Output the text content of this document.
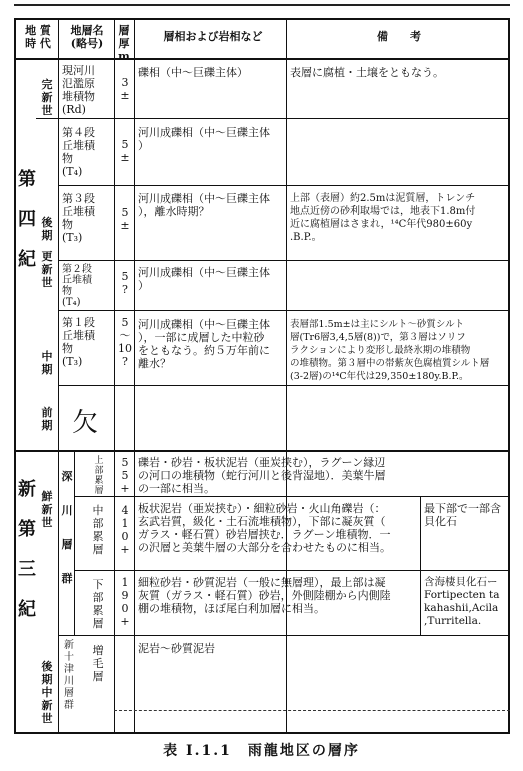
地 質
時 代
地層名
(略号)
層厚
m
層相および岩相など	備　　考
第

四

紀
完
新
世
更
新
世
後
期
中
期
前
期
新

第

三

紀
鮮
新
世
後期
中
新世
現河川
氾濫原
堆積物
(Rd)
3
±
礫相（中〜巨礫主体）	表層に腐植・土壌をともなう。
第４段
丘堆積
物
(T₄)
5
±
河川成礫相（中〜巨礫主体
）
第３段
丘堆積
物
(T₃)
5
±
河川成礫相（中〜巨礫主体
），離水時期？
上部（表層）約2.5mは泥質層，トレンチ
地点近傍の砂利取場では，地表下1.8m付
近に腐植層はさまれ，¹⁴C年代980±60y
.B.P.。
第２段
丘堆積
物
(T₄)
5
?
河川成礫相（中〜巨礫主体
）
第１段
丘堆積
物
(T₃)
5
〜
10
?
河川成礫相（中〜巨礫主体
），一部に成層した中粒砂
をともなう。約５万年前に
離水？
表層部1.5m±は主にシルト〜砂質シルト
層(Tr6層3,4,5層(8))で，第３層はソリフ
ラクションにより変形し最終氷期の堆積物
の堆積物。第３層中の帯紫灰色腐植質シルト層
(3-2層)の¹⁴C年代は29,350±180y.B.P.。
欠
深
川
層
群
上
部
累
層
5
5
+
礫岩・砂岩・板状泥岩（亜炭挟む），ラグーン縁辺
の河口の堆積物（蛇行河川と後背湿地）．美葉牛層
の一部に相当。
中
部
累
層
4
1
0
+
板状泥岩（亜炭挟む）・細粒砂岩・火山角礫岩（：
玄武岩質，級化・土石流堆積物），下部に凝灰質（
ガラス・軽石質）砂岩層挟む．ラグーン堆積物．一
の沢層と美葉牛層の大部分を合わせたものに相当。
最下部で一部含
貝化石
下
部
累
層
1
9
0
+
細粒砂岩・砂質泥岩（一般に無層理），最上部は凝
灰質（ガラス・軽石質）砂岩，外側陸棚から内側陸
棚の堆積物，ほぼ尾白利加層に相当。
含海棲貝化石ー
Fortipecten ta
kahashii,Acila
,Turritella.
新
十
津
川
層
群
増
毛
層
泥岩〜砂質泥岩
表 I.1.1　雨龍地区の層序
